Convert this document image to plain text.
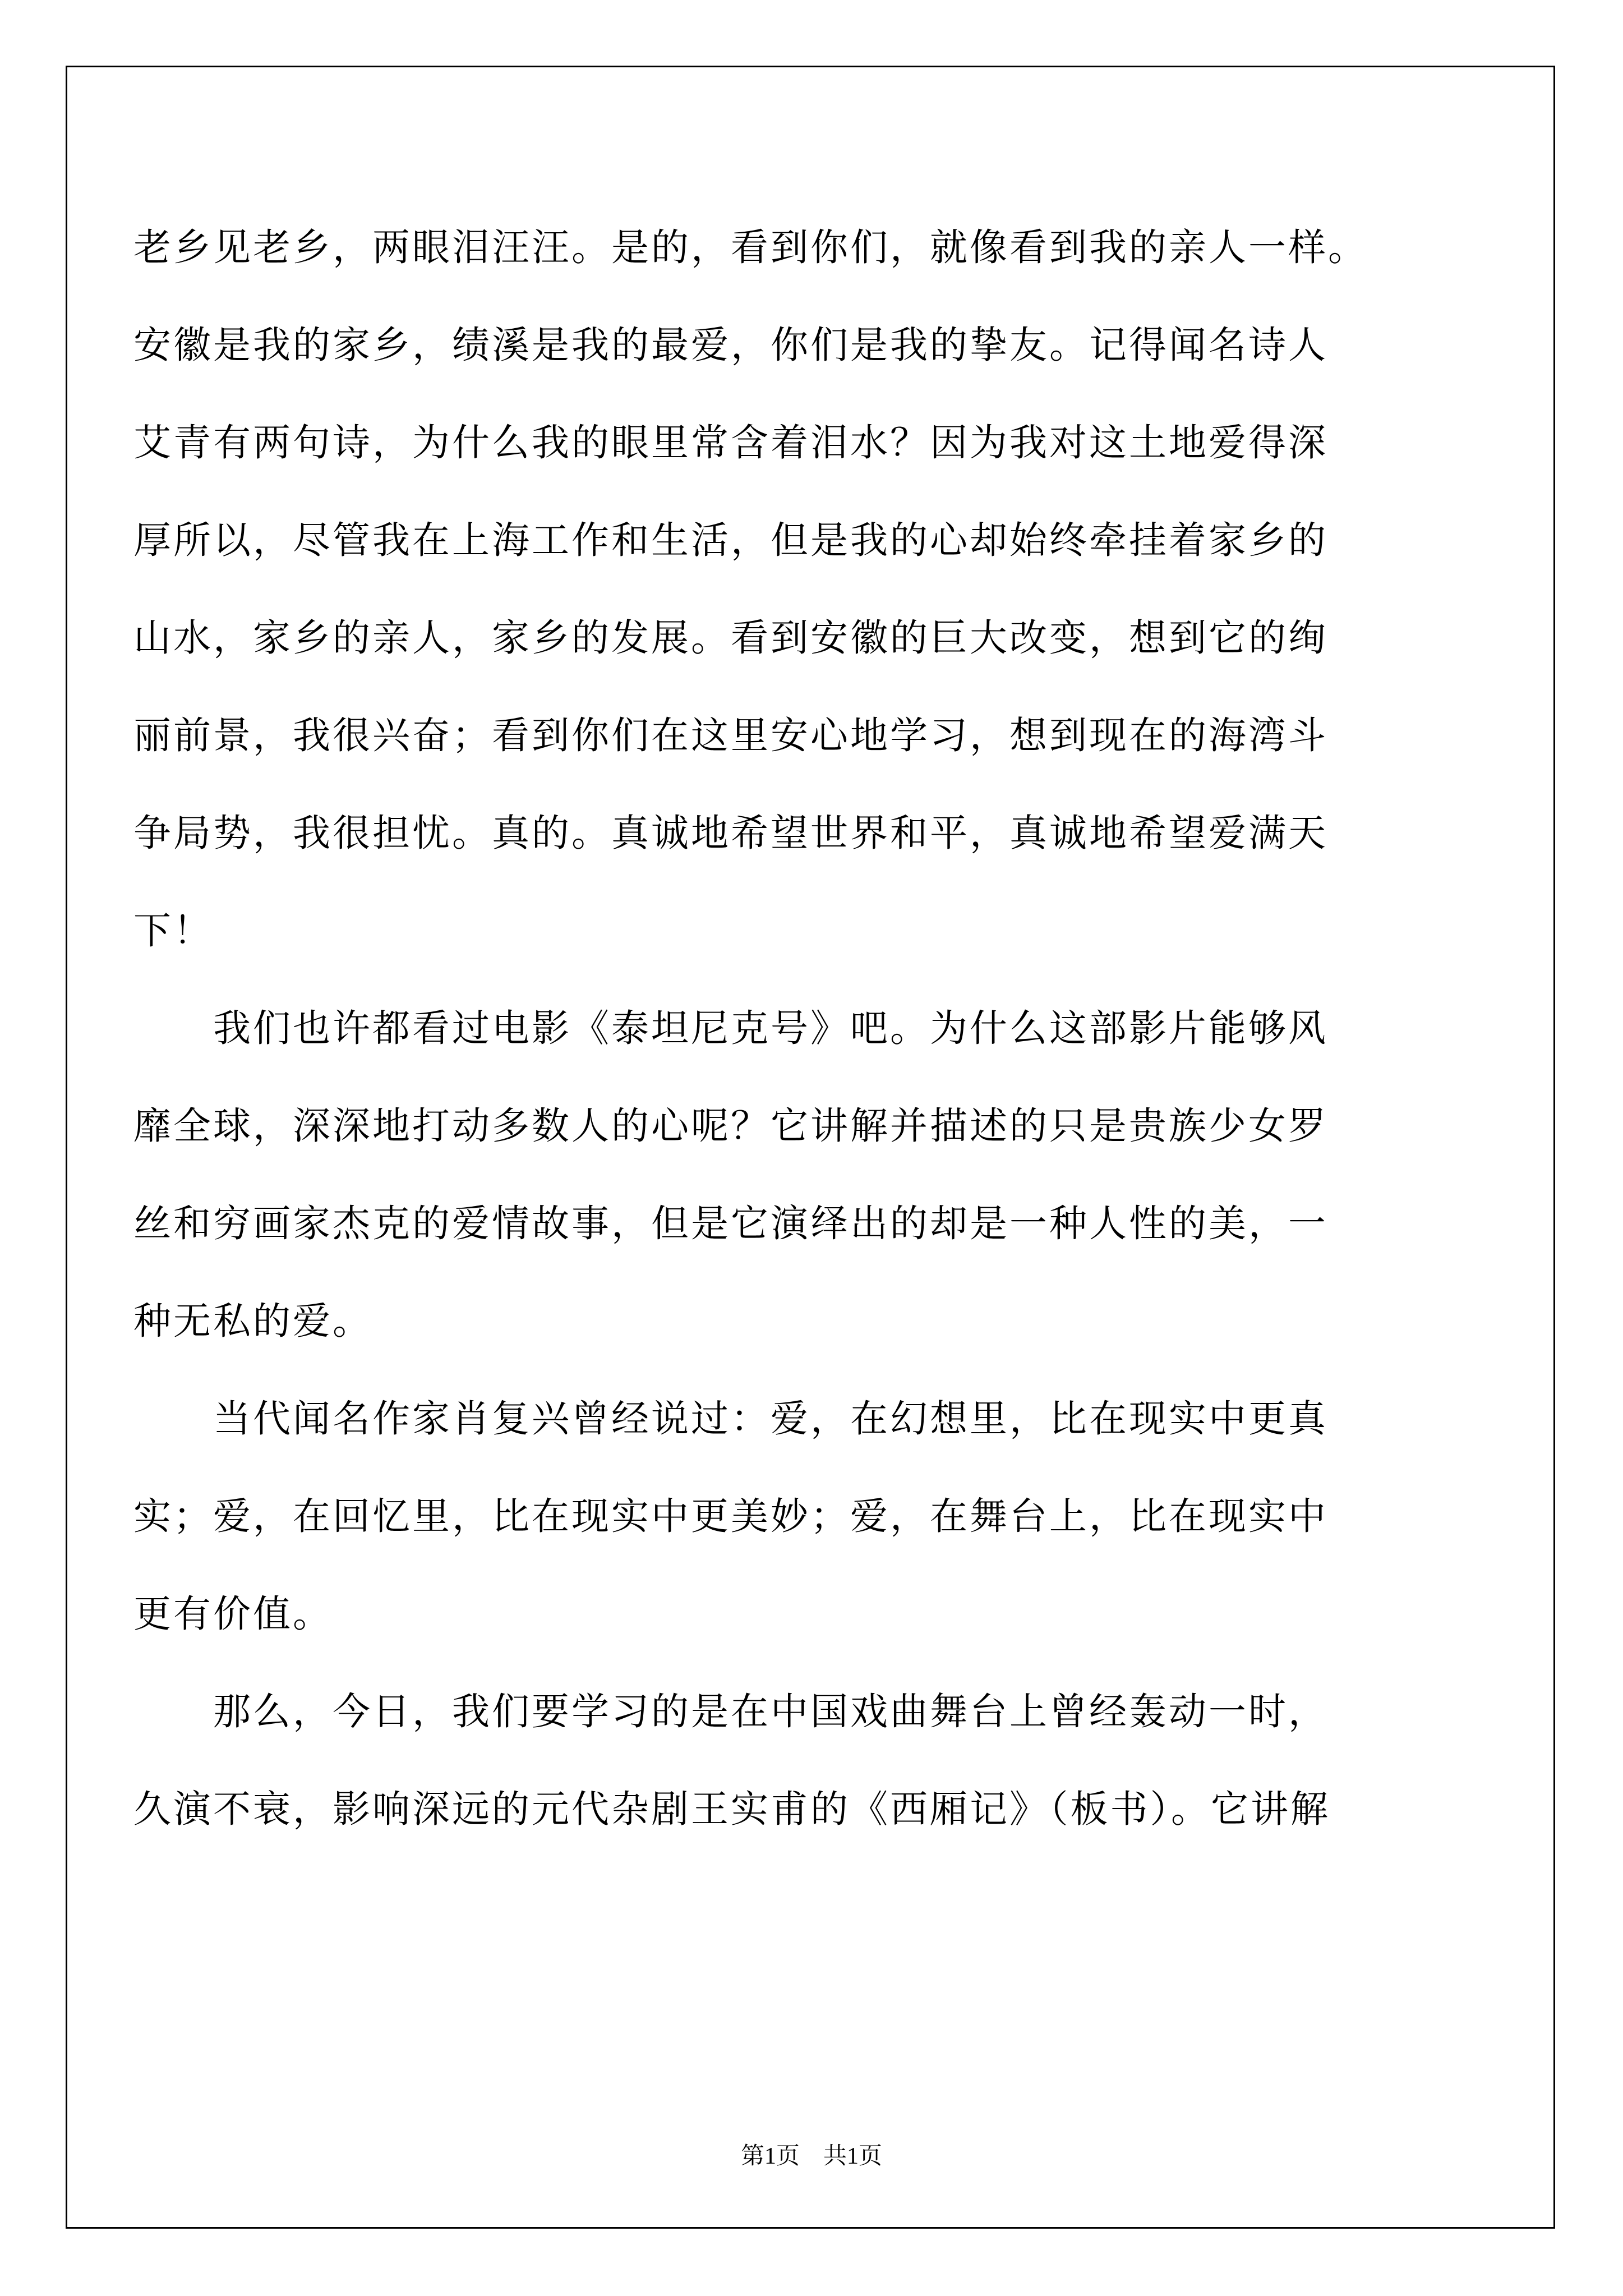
老乡见老乡，两眼泪汪汪。是的，看到你们，就像看到我的亲人一样。
安徽是我的家乡，绩溪是我的最爱，你们是我的挚友。记得闻名诗人
艾青有两句诗，为什么我的眼里常含着泪水？因为我对这土地爱得深
厚所以，尽管我在上海工作和生活，但是我的心却始终牵挂着家乡的
山水，家乡的亲人，家乡的发展。看到安徽的巨大改变，想到它的绚
丽前景，我很兴奋；看到你们在这里安心地学习，想到现在的海湾斗
争局势，我很担忧。真的。真诚地希望世界和平，真诚地希望爱满天
下！
我们也许都看过电影《泰坦尼克号》吧。为什么这部影片能够风
靡全球，深深地打动多数人的心呢？它讲解并描述的只是贵族少女罗
丝和穷画家杰克的爱情故事，但是它演绎出的却是一种人性的美，一
种无私的爱。
当代闻名作家肖复兴曾经说过：爱，在幻想里，比在现实中更真
实；爱，在回忆里，比在现实中更美妙；爱，在舞台上，比在现实中
更有价值。
那么，今日，我们要学习的是在中国戏曲舞台上曾经轰动一时，
久演不衰，影响深远的元代杂剧王实甫的《西厢记》（板书）。它讲解
第1页　共1页
